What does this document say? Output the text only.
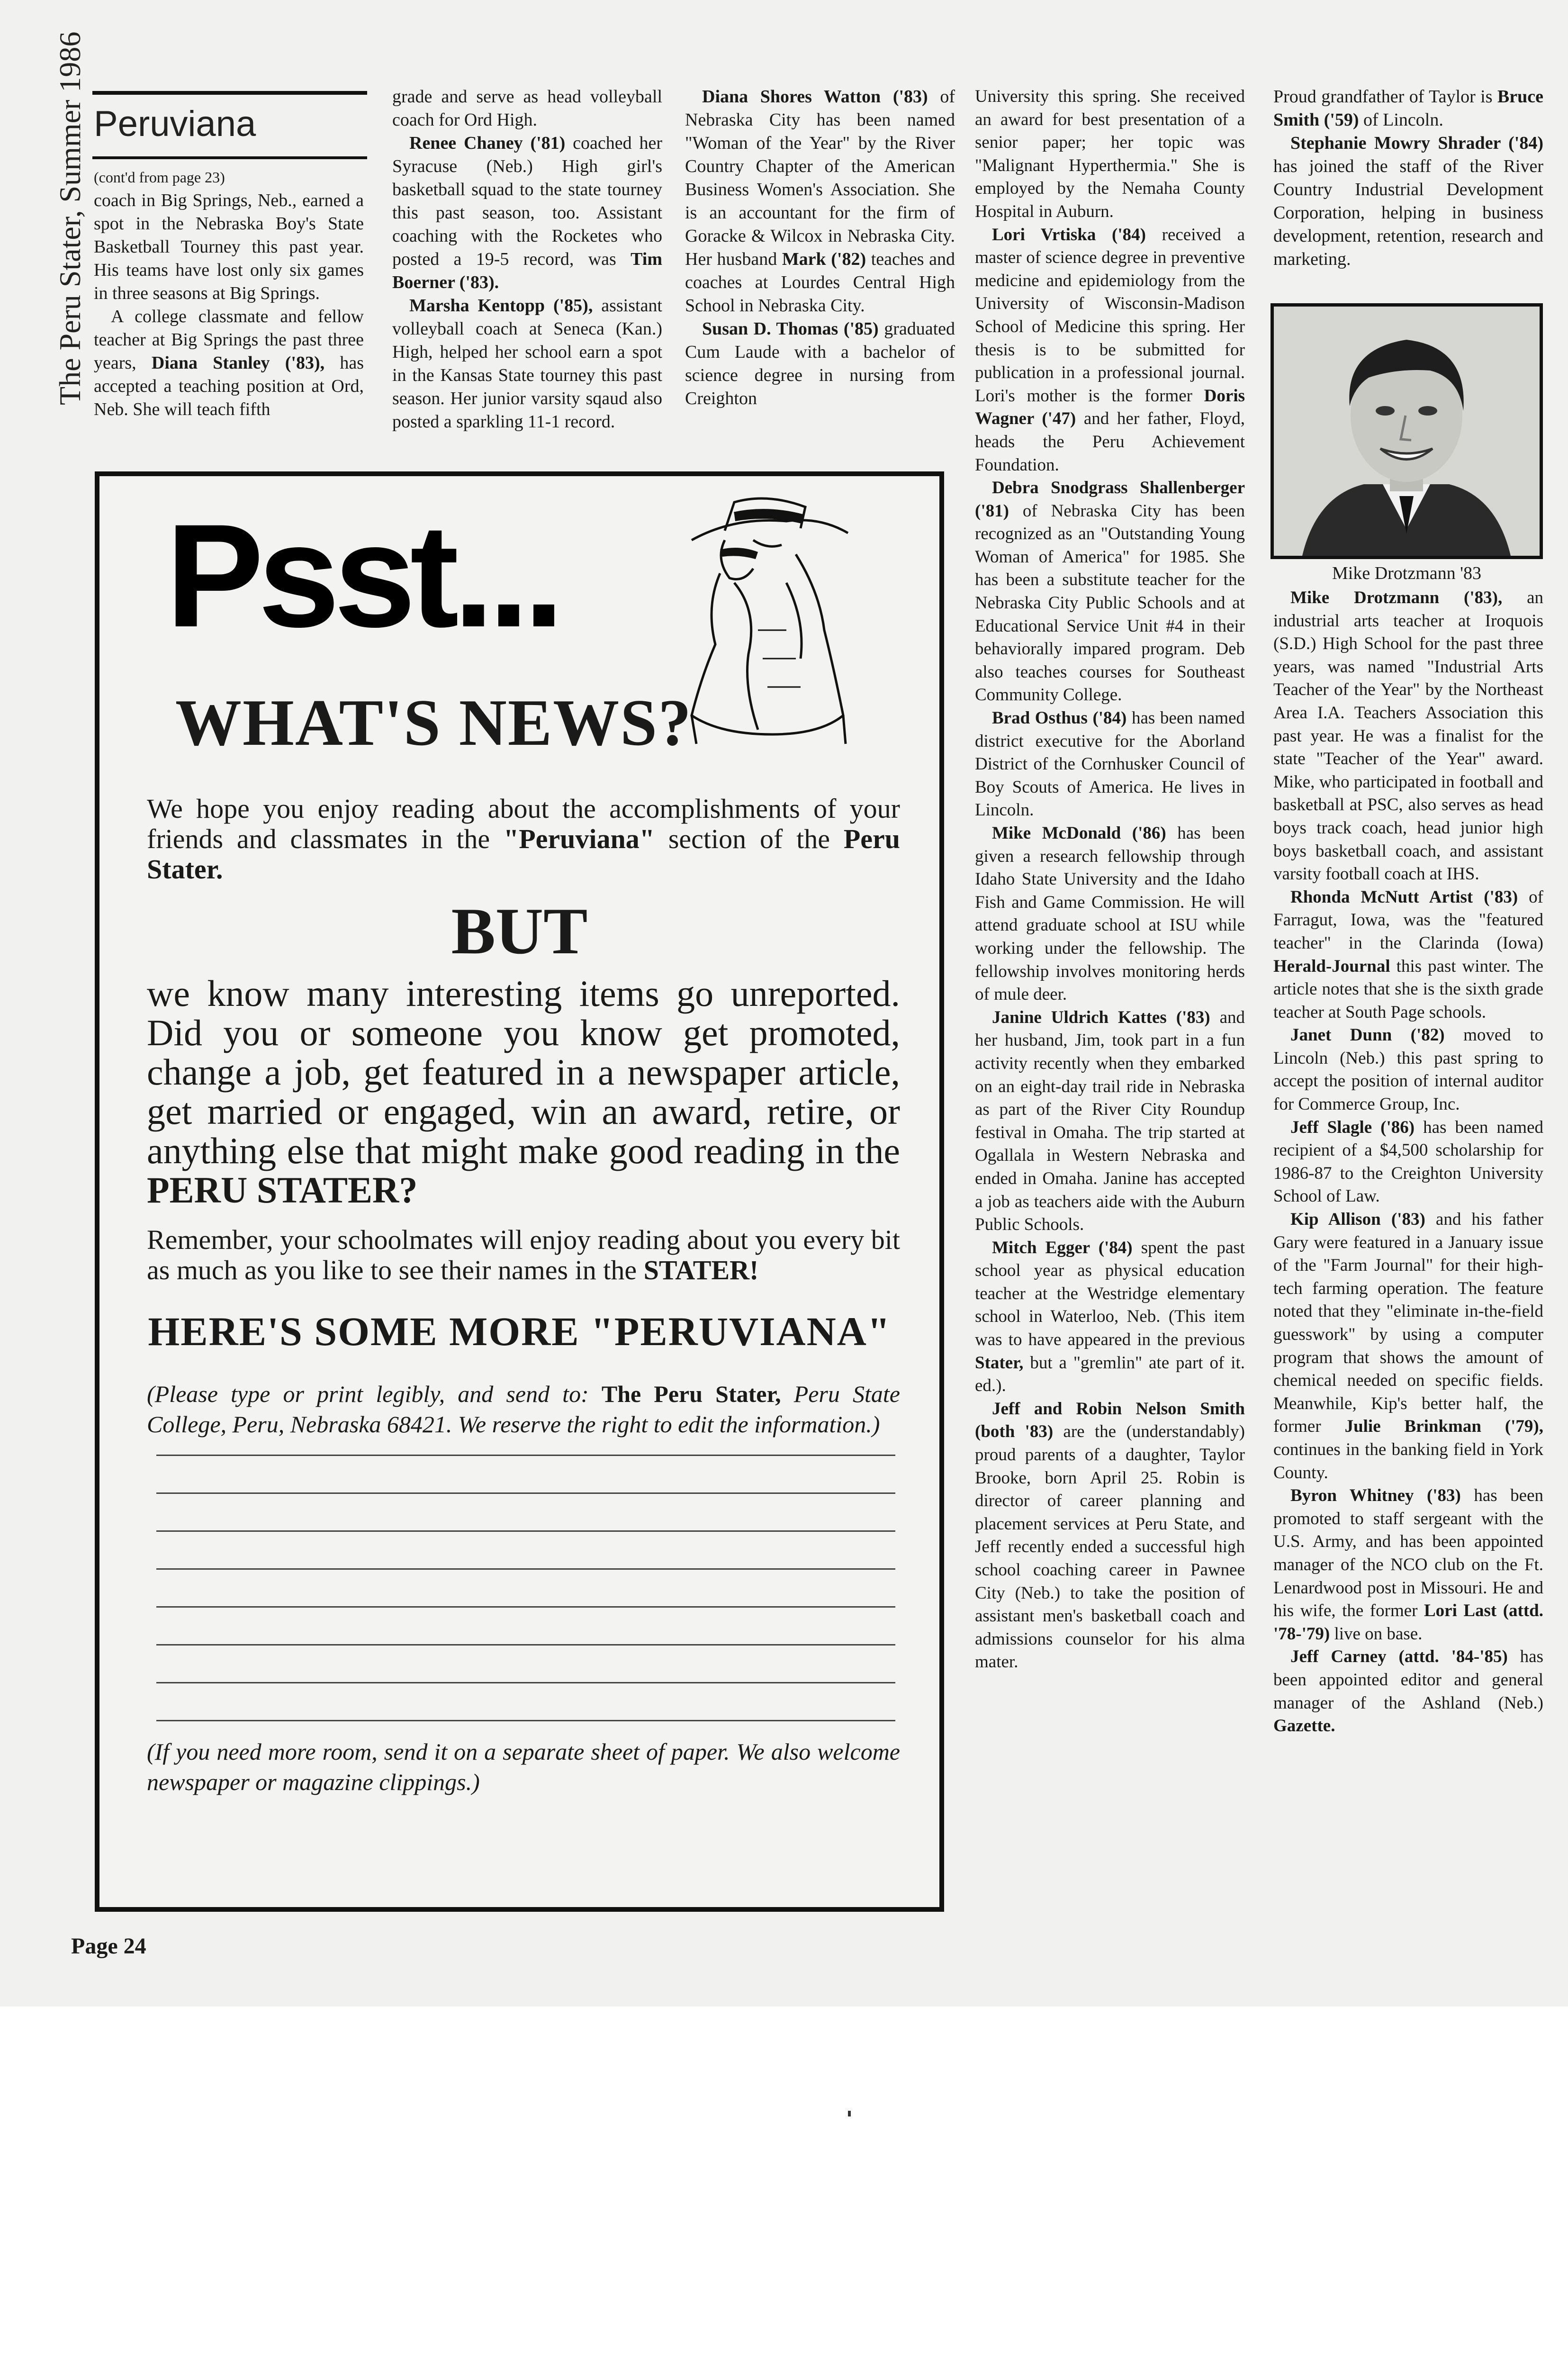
The Peru Stater, Summer 1986 Peruviana

(cont'd from page 23)

coach in Big Springs, Neb., earned a spot in the Nebraska Boy's State Basketball Tourney this past year. His teams have lost only six games in three seasons at Big Springs.

A college classmate and fellow teacher at Big Springs the past three years, Diana Stanley ('83), has accepted a teaching position at Ord, Neb. She will teach fifth

grade and serve as head volleyball coach for Ord High.

Renee Chaney ('81) coached her Syracuse (Neb.) High girl's basketball squad to the state tourney this past season, too. Assistant coaching with the Rocketes who posted a 19-5 record, was Tim Boerner ('83).

Marsha Kentopp ('85), assistant volleyball coach at Seneca (Kan.) High, helped her school earn a spot in the Kansas State tourney this past season. Her junior varsity sqaud also posted a sparkling 11-1 record.

Diana Shores Watton ('83) of Nebraska City has been named "Woman of the Year" by the River Country Chapter of the American Business Women's Association. She is an accountant for the firm of Goracke & Wilcox in Nebraska City. Her husband Mark ('82) teaches and coaches at Lourdes Central High School in Nebraska City.

Susan D. Thomas ('85) graduated Cum Laude with a bachelor of science degree in nursing from Creighton

University this spring. She received an award for best presentation of a senior paper; her topic was "Malignant Hyperthermia." She is employed by the Nemaha County Hospital in Auburn.

Lori Vrtiska ('84) received a master of science degree in preventive medicine and epidemiology from the University of Wisconsin-Madison School of Medicine this spring. Her thesis is to be submitted for publication in a professional journal. Lori's mother is the former Doris Wagner ('47) and her father, Floyd, heads the Peru Achievement Foundation.

Debra Snodgrass Shallenberger ('81) of Nebraska City has been recognized as an "Outstanding Young Woman of America" for 1985. She has been a substitute teacher for the Nebraska City Public Schools and at Educational Service Unit #4 in their behaviorally impared program. Deb also teaches courses for Southeast Community College.

Brad Osthus ('84) has been named district executive for the Aborland District of the Cornhusker Council of Boy Scouts of America. He lives in Lincoln.

Mike McDonald ('86) has been given a research fellowship through Idaho State University and the Idaho Fish and Game Commission. He will attend graduate school at ISU while working under the fellowship. The fellowship involves monitoring herds of mule deer.

Janine Uldrich Kattes ('83) and her husband, Jim, took part in a fun activity recently when they embarked on an eight-day trail ride in Nebraska as part of the River City Roundup festival in Omaha. The trip started at Ogallala in Western Nebraska and ended in Omaha. Janine has accepted a job as teachers aide with the Auburn Public Schools.

Mitch Egger ('84) spent the past school year as physical education teacher at the Westridge elementary school in Waterloo, Neb. (This item was to have appeared in the previous Stater, but a "gremlin" ate part of it. ed.).

Jeff and Robin Nelson Smith (both '83) are the (understandably) proud parents of a daughter, Taylor Brooke, born April 25. Robin is director of career planning and placement services at Peru State, and Jeff recently ended a successful high school coaching career in Pawnee City (Neb.) to take the position of assistant men's basketball coach and admissions counselor for his alma mater.

Proud grandfather of Taylor is Bruce Smith ('59) of Lincoln.

Stephanie Mowry Shrader ('84) has joined the staff of the River Country Industrial Development Corporation, helping in business development, retention, research and marketing.

Mike Drotzmann '83

Mike Drotzmann ('83), an industrial arts teacher at Iroquois (S.D.) High School for the past three years, was named "Industrial Arts Teacher of the Year" by the Northeast Area I.A. Teachers Association this past year. He was a finalist for the state "Teacher of the Year" award. Mike, who participated in football and basketball at PSC, also serves as head boys track coach, head junior high boys basketball coach, and assistant varsity football coach at IHS.

Rhonda McNutt Artist ('83) of Farragut, Iowa, was the "featured teacher" in the Clarinda (Iowa) Herald-Journal this past winter. The article notes that she is the sixth grade teacher at South Page schools.

Janet Dunn ('82) moved to Lincoln (Neb.) this past spring to accept the position of internal auditor for Commerce Group, Inc.

Jeff Slagle ('86) has been named recipient of a $4,500 scholarship for 1986-87 to the Creighton University School of Law.

Kip Allison ('83) and his father Gary were featured in a January issue of the "Farm Journal" for their high-tech farming operation. The feature noted that they "eliminate in-the-field guesswork" by using a computer program that shows the amount of chemical needed on specific fields. Meanwhile, Kip's better half, the former Julie Brinkman ('79), continues in the banking field in York County.

Byron Whitney ('83) has been promoted to staff sergeant with the U.S. Army, and has been appointed manager of the NCO club on the Ft. Lenardwood post in Missouri. He and his wife, the former Lori Last (attd. '78-'79) live on base.

Jeff Carney (attd. '84-'85) has been appointed editor and general manager of the Ashland (Neb.) Gazette.

Psst...
WHAT'S NEWS?
We hope you enjoy reading about the accomplishments of your friends and classmates in the "Peruviana" section of the Peru Stater.
BUT
we know many interesting items go unreported. Did you or someone you know get promoted, change a job, get featured in a newspaper article, get married or engaged, win an award, retire, or anything else that might make good reading in the PERU STATER?
Remember, your schoolmates will enjoy reading about you every bit as much as you like to see their names in the STATER!
HERE'S SOME MORE "PERUVIANA"
(Please type or print legibly, and send to: The Peru Stater, Peru State College, Peru, Nebraska 68421. We reserve the right to edit the information.)
(If you need more room, send it on a separate sheet of paper. We also welcome newspaper or magazine clippings.)
Page 24
